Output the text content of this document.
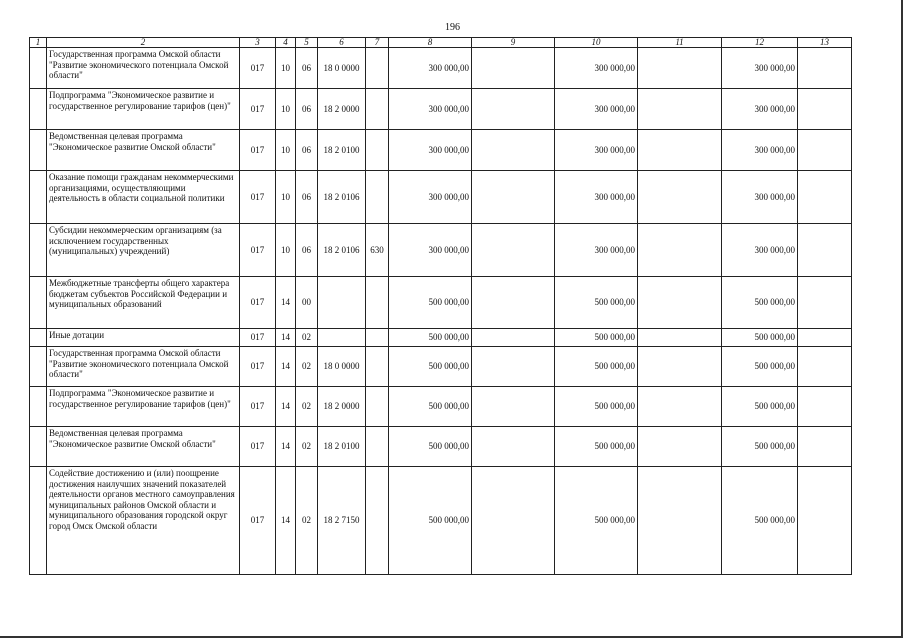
196
1	2	3	4	5	6	7	8	9	10	11	12	13
	Государственная программа Омской области "Развитие экономического потенциала Омской области"	017	10	06	18 0 0000		300 000,00		300 000,00		300 000,00	
	Подпрограмма "Экономическое развитие и государственное регулирование тарифов (цен)"	017	10	06	18 2 0000		300 000,00		300 000,00		300 000,00	
	Ведомственная целевая программа "Экономическое развитие Омской области"	017	10	06	18 2 0100		300 000,00		300 000,00		300 000,00	
	Оказание помощи гражданам некоммерческими организациями, осуществляющими деятельность в области социальной политики	017	10	06	18 2 0106		300 000,00		300 000,00		300 000,00	
	Субсидии некоммерческим организациям (за исключением государственных (муниципальных) учреждений)	017	10	06	18 2 0106	630	300 000,00		300 000,00		300 000,00	
	Межбюджетные трансферты общего характера бюджетам субъектов Российской Федерации и муниципальных образований	017	14	00			500 000,00		500 000,00		500 000,00	
	Иные дотации	017	14	02			500 000,00		500 000,00		500 000,00	
	Государственная программа Омской области "Развитие экономического потенциала Омской области"	017	14	02	18 0 0000		500 000,00		500 000,00		500 000,00	
	Подпрограмма "Экономическое развитие и государственное регулирование тарифов (цен)"	017	14	02	18 2 0000		500 000,00		500 000,00		500 000,00	
	Ведомственная целевая программа "Экономическое развитие Омской области"	017	14	02	18 2 0100		500 000,00		500 000,00		500 000,00	
	Содействие достижению и (или) поощрение достижения наилучших значений показателей деятельности органов местного самоуправления муниципальных районов Омской области и муниципального образования городской округ город Омск Омской области	017	14	02	18 2 7150		500 000,00		500 000,00		500 000,00	
